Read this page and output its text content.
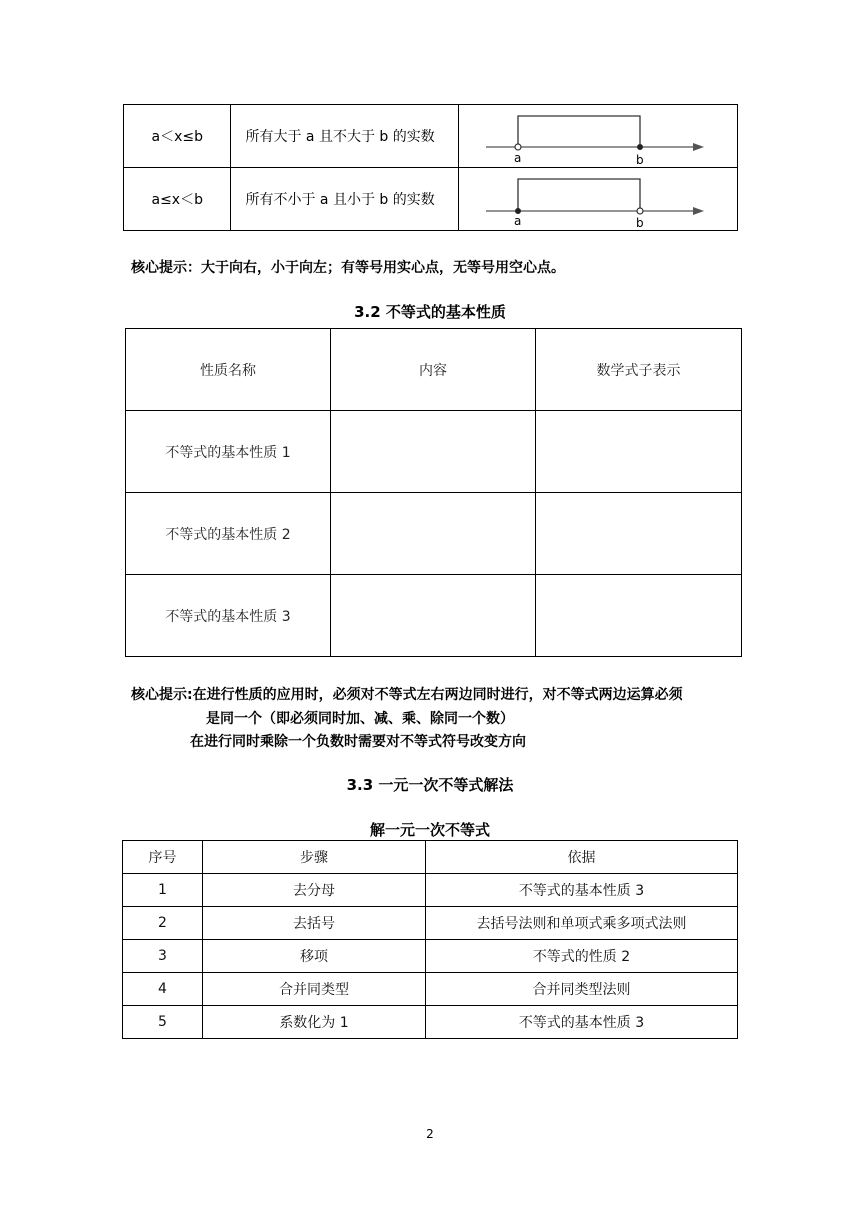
a＜x≤b	所有大于 a 且不大于 b 的实数	a b

a≤x＜b	所有不小于 a 且小于 b 的实数	a b
核心提示：大于向右，小于向左；有等号用实心点，无等号用空心点。
3.2 不等式的基本性质
性质名称	内容	数学式子表示
不等式的基本性质 1		
不等式的基本性质 2		
不等式的基本性质 3		
核心提示:在进行性质的应用时，必须对不等式左右两边同时进行，对不等式两边运算必须
是同一个（即必须同时加、减、乘、除同一个数）
在进行同时乘除一个负数时需要对不等式符号改变方向
3.3 一元一次不等式解法
解一元一次不等式
序号	步骤	依据
1	去分母	不等式的基本性质 3
2	去括号	去括号法则和单项式乘多项式法则
3	移项	不等式的性质 2
4	合并同类型	合并同类型法则
5	系数化为 1	不等式的基本性质 3
2
